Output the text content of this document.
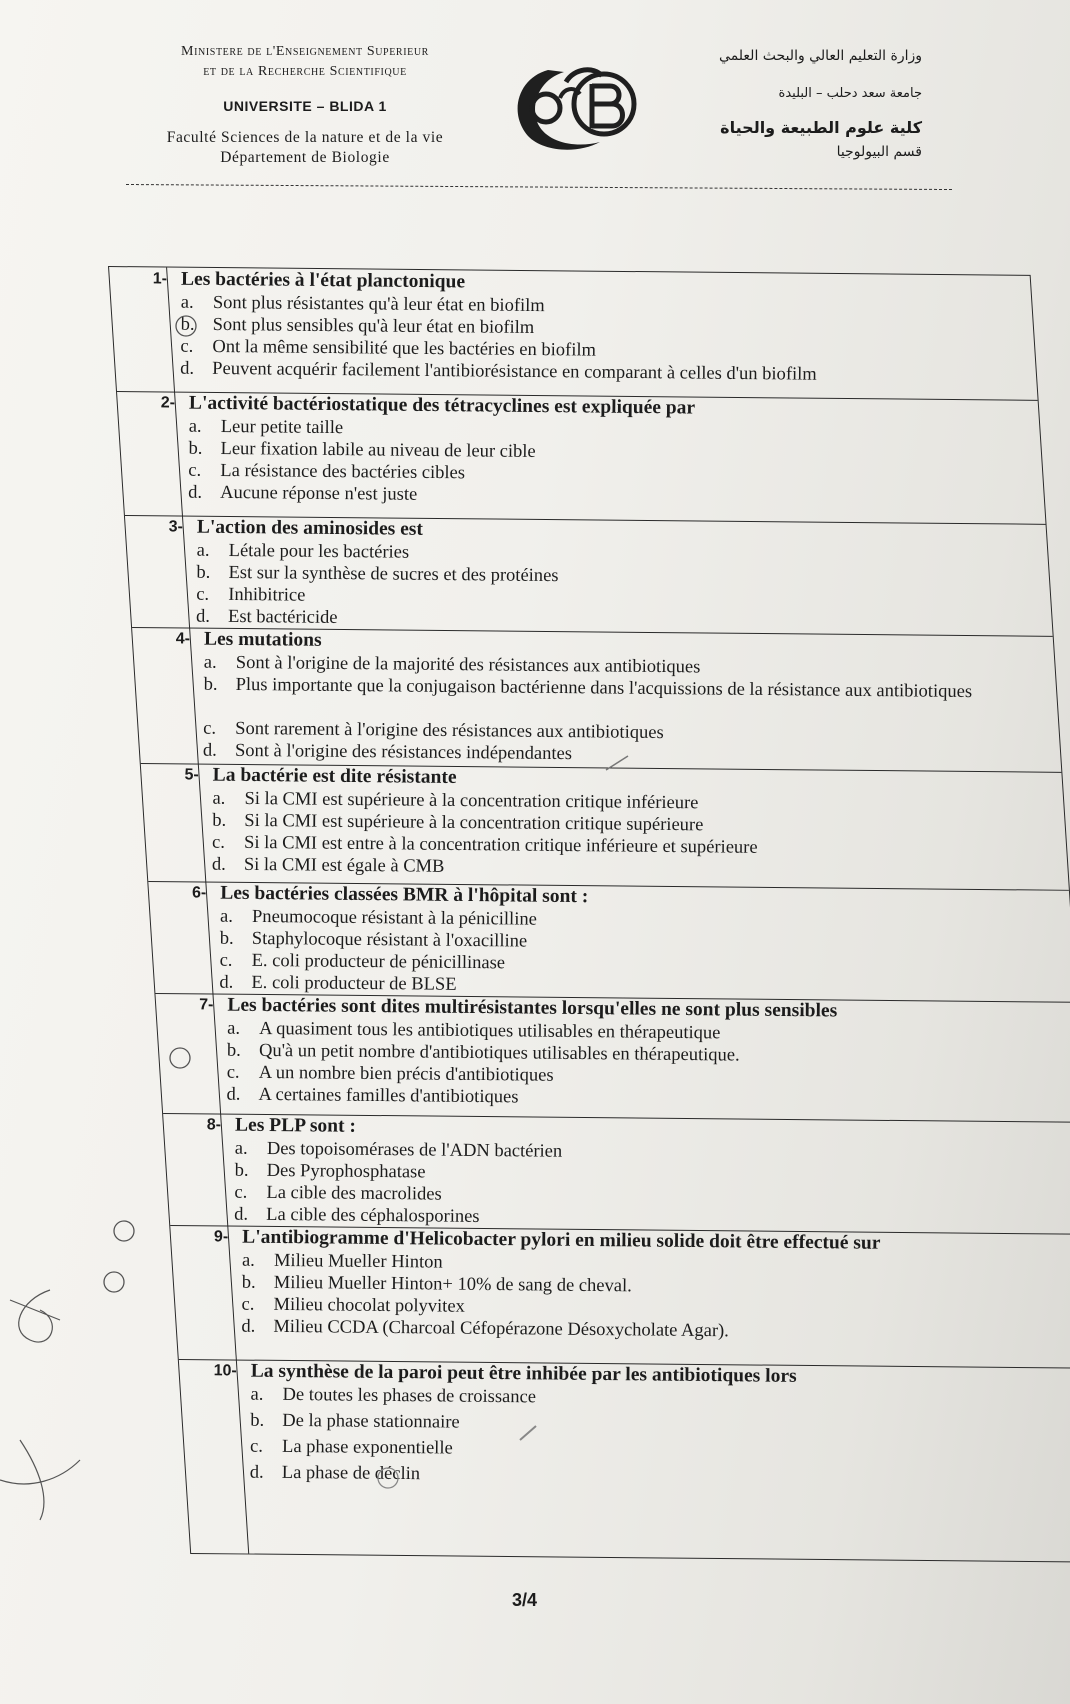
Ministere de l'Enseignement Superieur
et de la Recherche Scientifique
UNIVERSITE – BLIDA 1
Faculté Sciences de la nature et de la vie
Département de Biologie
وزارة التعليم العالي والبحث العلمي
جامعة سعد دحلب – البليدة
كلية علوم الطبيعة والحياة
قسم البيولوجيا
1- Les bactéries à l'état planctonique
a. Sont plus résistantes qu'à leur état en biofilm
b. Sont plus sensibles qu'à leur état en biofilm
c. Ont la même sensibilité que les bactéries en biofilm
d. Peuvent acquérir facilement l'antibiorésistance en comparant à celles d'un biofilm
2- L'activité bactériostatique des tétracyclines est expliquée par
a. Leur petite taille
b. Leur fixation labile au niveau de leur cible
c. La résistance des bactéries cibles
d. Aucune réponse n'est juste
3- L'action des aminosides est
a. Létale pour les bactéries
b. Est sur la synthèse de sucres et des protéines
c. Inhibitrice
d. Est bactéricide
4- Les mutations
a. Sont à l'origine de la majorité des résistances aux antibiotiques
b. Plus importante que la conjugaison bactérienne dans l'acquissions de la résistance aux antibiotiques
c. Sont rarement à l'origine des résistances aux antibiotiques
d. Sont à l'origine des résistances indépendantes
5- La bactérie est dite résistante
a. Si la CMI est supérieure à la concentration critique inférieure
b. Si la CMI est supérieure à la concentration critique supérieure
c. Si la CMI est entre à la concentration critique inférieure et supérieure
d. Si la CMI est égale à CMB
6- Les bactéries classées BMR à l'hôpital sont :
a. Pneumocoque résistant à la pénicilline
b. Staphylocoque résistant à l'oxacilline
c. E. coli producteur de pénicillinase
d. E. coli producteur de BLSE
7- Les bactéries sont dites multirésistantes lorsqu'elles ne sont plus sensibles
a. A quasiment tous les antibiotiques utilisables en thérapeutique
b. Qu'à un petit nombre d'antibiotiques utilisables en thérapeutique.
c. A un nombre bien précis d'antibiotiques
d. A certaines familles d'antibiotiques
8- Les PLP sont :
a. Des topoisomérases de l'ADN bactérien
b. Des Pyrophosphatase
c. La cible des macrolides
d. La cible des céphalosporines
9- L'antibiogramme d'Helicobacter pylori en milieu solide doit être effectué sur
a. Milieu Mueller Hinton
b. Milieu Mueller Hinton+ 10% de sang de cheval.
c. Milieu chocolat polyvitex
d. Milieu CCDA (Charcoal Céfopérazone Désoxycholate Agar).
10- La synthèse de la paroi peut être inhibée par les antibiotiques lors
a. De toutes les phases de croissance
b. De la phase stationnaire
c. La phase exponentielle
d. La phase de déclin
3/4
